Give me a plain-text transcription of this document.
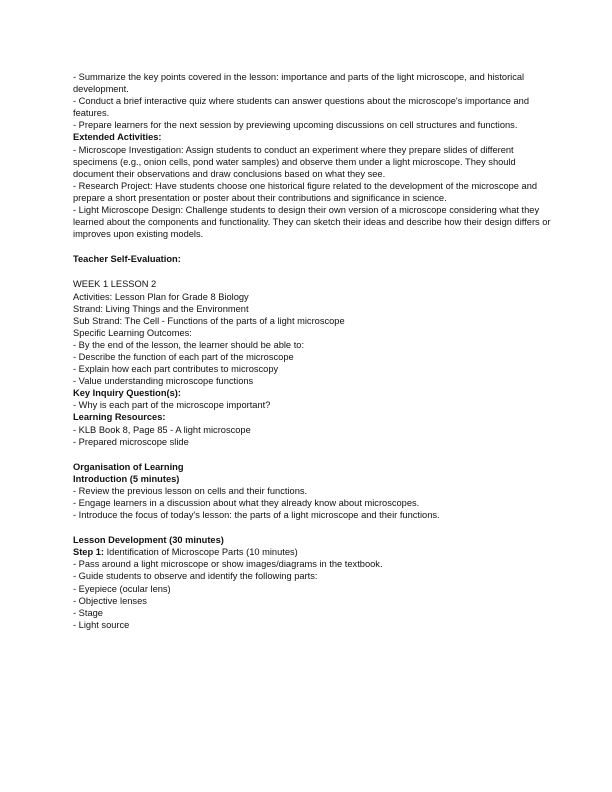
- Summarize the key points covered in the lesson: importance and parts of the light microscope, and historical development.
- Conduct a brief interactive quiz where students can answer questions about the microscope's importance and features.
- Prepare learners for the next session by previewing upcoming discussions on cell structures and functions.
Extended Activities:
- Microscope Investigation: Assign students to conduct an experiment where they prepare slides of different specimens (e.g., onion cells, pond water samples) and observe them under a light microscope. They should document their observations and draw conclusions based on what they see.
- Research Project: Have students choose one historical figure related to the development of the microscope and prepare a short presentation or poster about their contributions and significance in science.
- Light Microscope Design: Challenge students to design their own version of a microscope considering what they learned about the components and functionality. They can sketch their ideas and describe how their design differs or improves upon existing models.
Teacher Self-Evaluation:
WEEK 1 LESSON 2
Activities: Lesson Plan for Grade 8 Biology
Strand: Living Things and the Environment
Sub Strand: The Cell - Functions of the parts of a light microscope
Specific Learning Outcomes:
- By the end of the lesson, the learner should be able to:
- Describe the function of each part of the microscope
- Explain how each part contributes to microscopy
- Value understanding microscope functions
Key Inquiry Question(s):
- Why is each part of the microscope important?
Learning Resources:
- KLB Book 8, Page 85 - A light microscope
- Prepared microscope slide
Organisation of Learning
Introduction (5 minutes)
- Review the previous lesson on cells and their functions.
- Engage learners in a discussion about what they already know about microscopes.
- Introduce the focus of today's lesson: the parts of a light microscope and their functions.
Lesson Development (30 minutes)
Step 1: Identification of Microscope Parts (10 minutes)
- Pass around a light microscope or show images/diagrams in the textbook.
- Guide students to observe and identify the following parts:
- Eyepiece (ocular lens)
- Objective lenses
- Stage
- Light source
